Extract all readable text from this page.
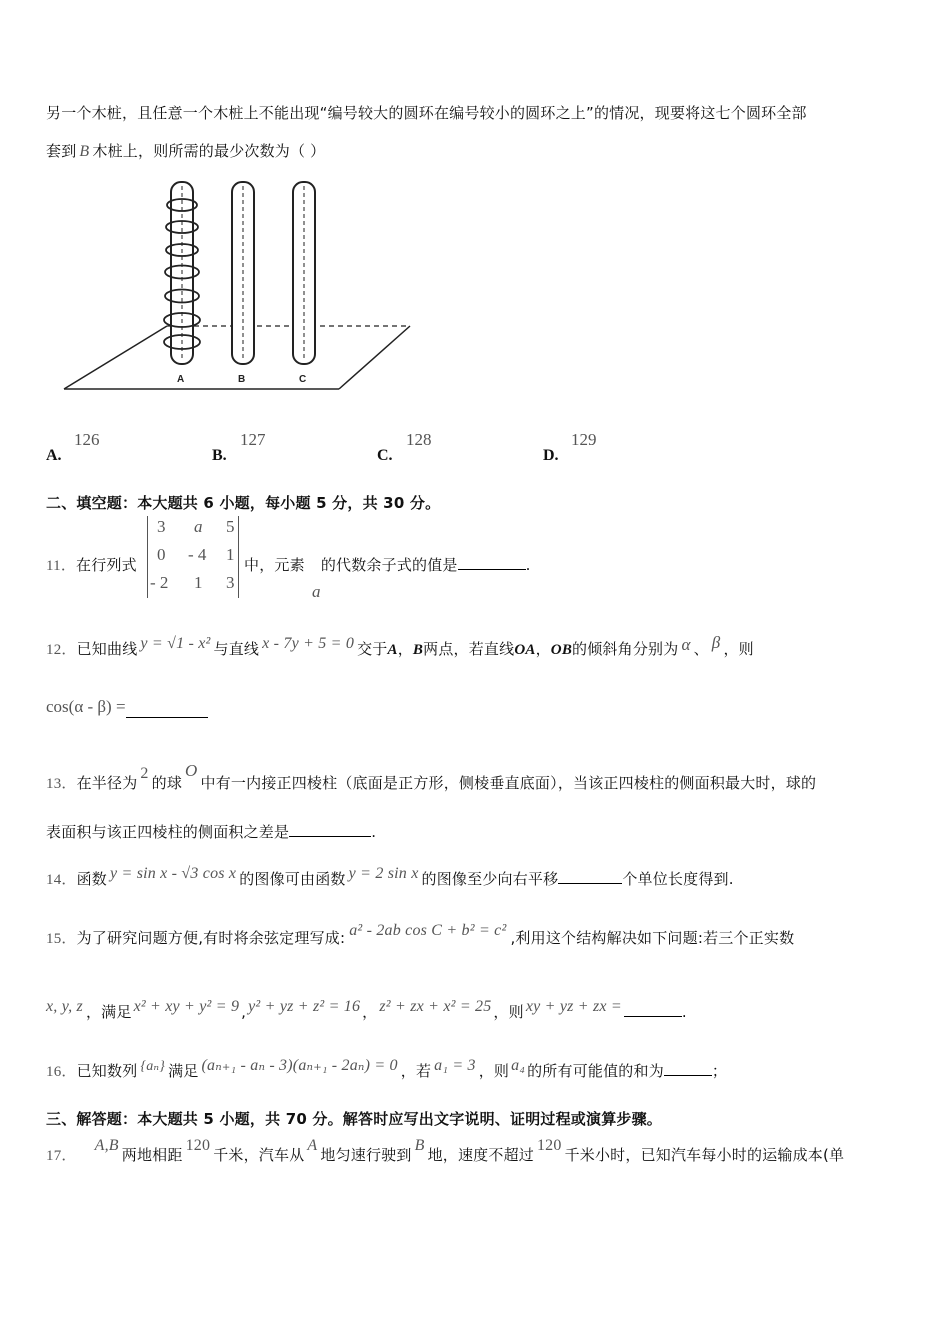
另一个木桩，且任意一个木桩上不能出现“编号较大的圆环在编号较小的圆环之上”的情况，现要将这七个圆环全部
套到 B 木桩上，则所需的最少次数为（ ）
A	B	C
A.
126
B.
127
C.
128
D.
129
二、填空题：本大题共 6 小题，每小题 5 分，共 30 分。
11．在行列式
3 a 5
0 - 4 1
- 2 1 3
中，元素 的代数余子式的值是	.
a
12．已知曲线 y = √1 - x² 与直线 x - 7y + 5 = 0 交于A，B两点，若直线OA，OB的倾斜角分别为 α 、 β ，则
cos(α - β) =
13．在半径为2的球O中有一内接正四棱柱（底面是正方形，侧棱垂直底面），当该正四棱柱的侧面积最大时，球的
表面积与该正四棱柱的侧面积之差是	.
14．函数 y = sin x - √3 cos x 的图像可由函数 y = 2 sin x 的图像至少向右平移	个单位长度得到.
15．为了研究问题方便,有时将余弦定理写成: a² - 2ab cos C + b² = c² ,利用这个结构解决如下问题:若三个正实数
x, y, z ，满足 x² + xy + y² = 9 , y² + yz + z² = 16 ， z² + zx + x² = 25 ，则 xy + yz + zx =	.
16．已知数列 {aₙ} 满足 (aₙ₊₁ - aₙ - 3)(aₙ₊₁ - 2aₙ) = 0 ，若 a₁ = 3 ，则 a₄ 的所有可能值的和为	；
三、解答题：本大题共 5 小题，共 70 分。解答时应写出文字说明、证明过程或演算步骤。
17．A,B两地相距120千米，汽车从A地匀速行驶到B地，速度不超过120千米小时，已知汽车每小时的运输成本(单
